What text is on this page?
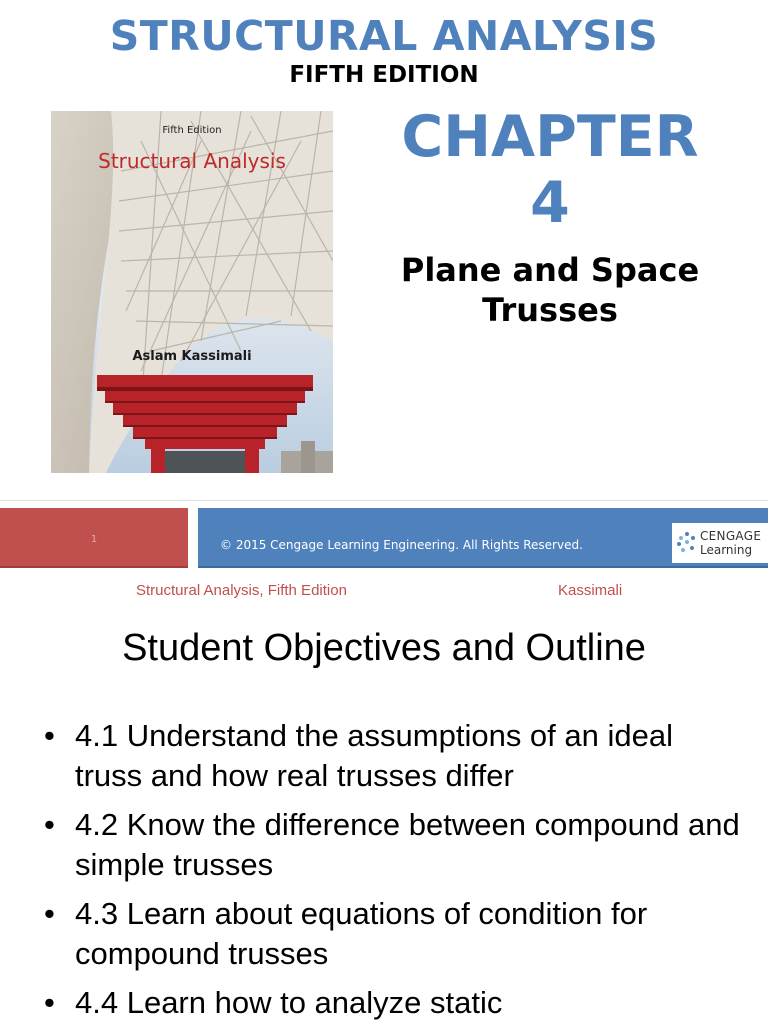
STRUCTURAL ANALYSIS
FIFTH EDITION
Fifth Edition
Structural Analysis
Aslam Kassimali
CHAPTER
4
Plane and Space
Trusses
1	© 2015 Cengage Learning Engineering. All Rights Reserved.
CENGAGE
Learning
Structural Analysis, Fifth Edition	Kassimali
Student Objectives and Outline
• 4.1 Understand the assumptions of an ideal truss and how real trusses differ
• 4.2 Know the difference between compound and simple trusses
• 4.3 Learn about equations of condition for compound trusses
• 4.4 Learn how to analyze static
